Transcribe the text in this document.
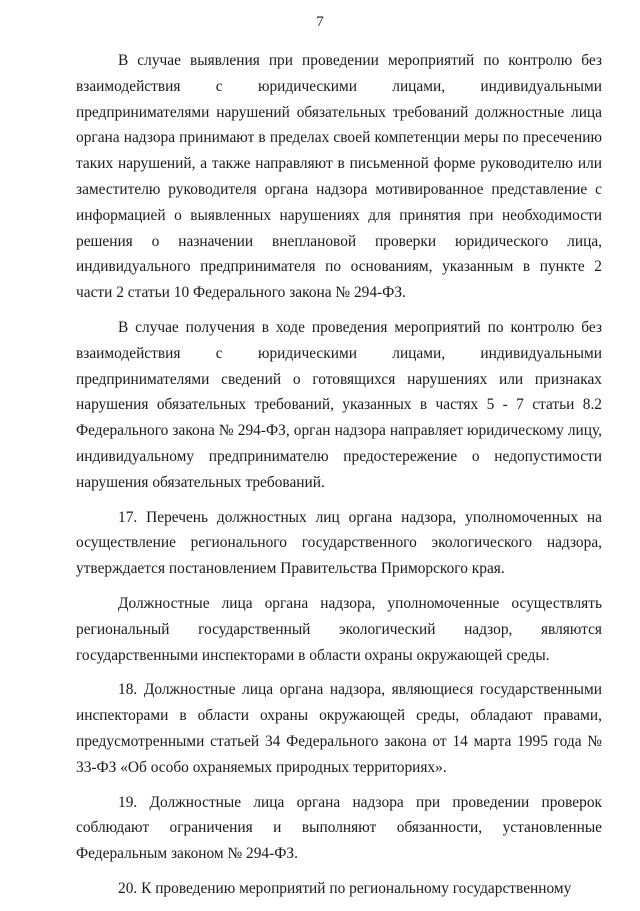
7

В случае выявления при проведении мероприятий по контролю без взаимодействия с юридическими лицами, индивидуальными предпринимателями нарушений обязательных требований должностные лица органа надзора принимают в пределах своей компетенции меры по пресечению таких нарушений, а также направляют в письменной форме руководителю или заместителю руководителя органа надзора мотивированное представление с информацией о выявленных нарушениях для принятия при необходимости решения о назначении внеплановой проверки юридического лица, индивидуального предпринимателя по основаниям, указанным в пункте 2 части 2 статьи 10 Федерального закона № 294-ФЗ.

В случае получения в ходе проведения мероприятий по контролю без взаимодействия с юридическими лицами, индивидуальными предпринимателями сведений о готовящихся нарушениях или признаках нарушения обязательных требований, указанных в частях 5 - 7 статьи 8.2 Федерального закона № 294-ФЗ, орган надзора направляет юридическому лицу, индивидуальному предпринимателю предостережение о недопустимости нарушения обязательных требований.

17. Перечень должностных лиц органа надзора, уполномоченных на осуществление регионального государственного экологического надзора, утверждается постановлением Правительства Приморского края.

Должностные лица органа надзора, уполномоченные осуществлять региональный государственный экологический надзор, являются государственными инспекторами в области охраны окружающей среды.

18. Должностные лица органа надзора, являющиеся государственными инспекторами в области охраны окружающей среды, обладают правами, предусмотренными статьей 34 Федерального закона от 14 марта 1995 года № 33-ФЗ «Об особо охраняемых природных территориях».

19. Должностные лица органа надзора при проведении проверок соблюдают ограничения и выполняют обязанности, установленные Федеральным законом № 294-ФЗ.

20. К проведению мероприятий по региональному государственному
